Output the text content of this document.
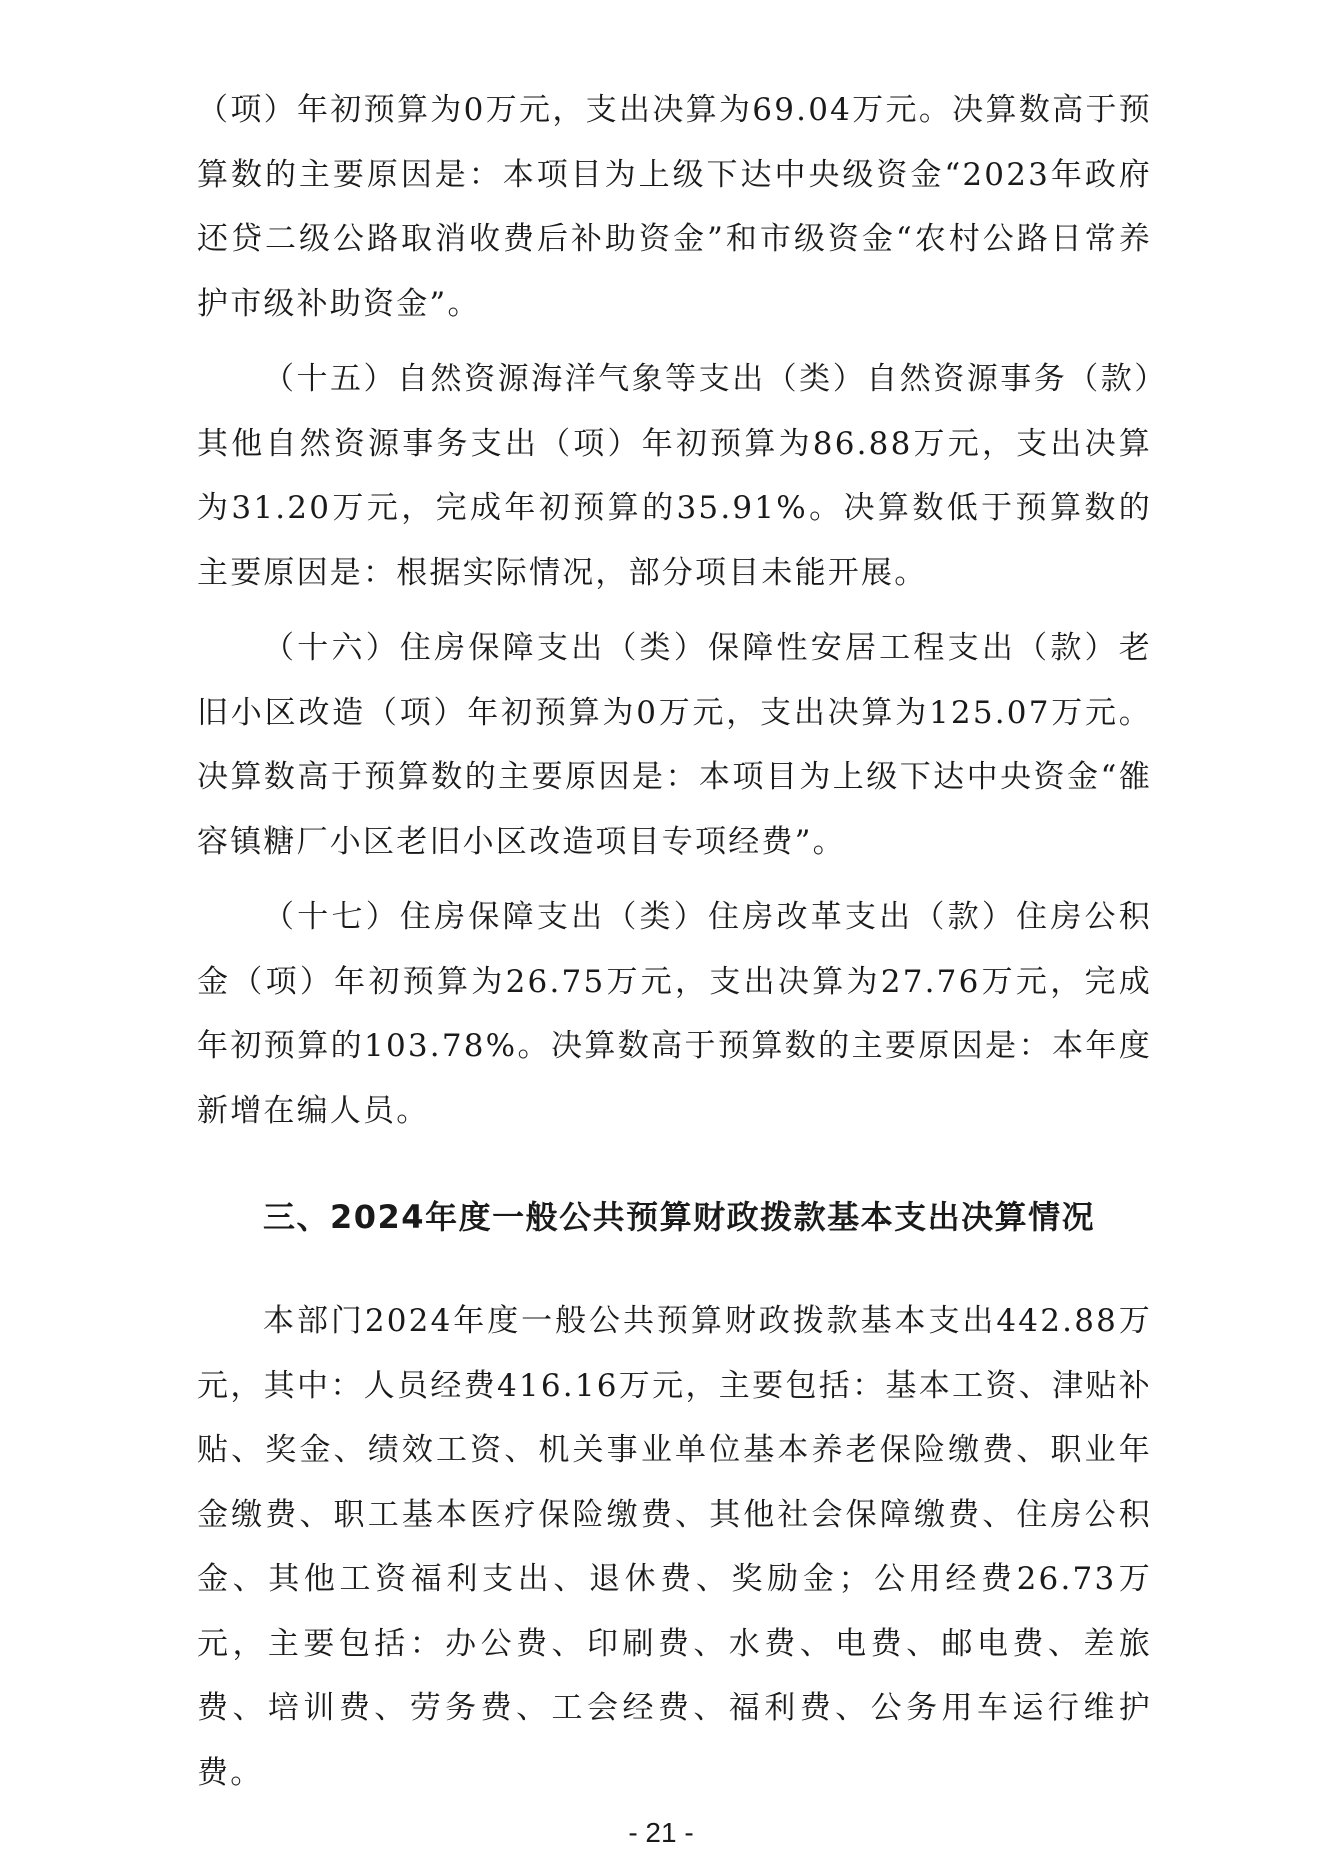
（项）年初预算为0万元，支出决算为69.04万元。决算数高于预算数的主要原因是：本项目为上级下达中央级资金“2023年政府还贷二级公路取消收费后补助资金”和市级资金“农村公路日常养护市级补助资金”。

（十五）自然资源海洋气象等支出（类）自然资源事务（款）其他自然资源事务支出（项）年初预算为86.88万元，支出决算为31.20万元，完成年初预算的35.91%。决算数低于预算数的主要原因是：根据实际情况，部分项目未能开展。

（十六）住房保障支出（类）保障性安居工程支出（款）老旧小区改造（项）年初预算为0万元，支出决算为125.07万元。决算数高于预算数的主要原因是：本项目为上级下达中央资金“雒容镇糖厂小区老旧小区改造项目专项经费”。

（十七）住房保障支出（类）住房改革支出（款）住房公积金（项）年初预算为26.75万元，支出决算为27.76万元，完成年初预算的103.78%。决算数高于预算数的主要原因是：本年度新增在编人员。

三、2024年度一般公共预算财政拨款基本支出决算情况

本部门2024年度一般公共预算财政拨款基本支出442.88万元，其中：人员经费416.16万元，主要包括：基本工资、津贴补贴、奖金、绩效工资、机关事业单位基本养老保险缴费、职业年金缴费、职工基本医疗保险缴费、其他社会保障缴费、住房公积金、其他工资福利支出、退休费、奖励金；公用经费26.73万元，主要包括：办公费、印刷费、水费、电费、邮电费、差旅费、培训费、劳务费、工会经费、福利费、公务用车运行维护费。

- 21 -
